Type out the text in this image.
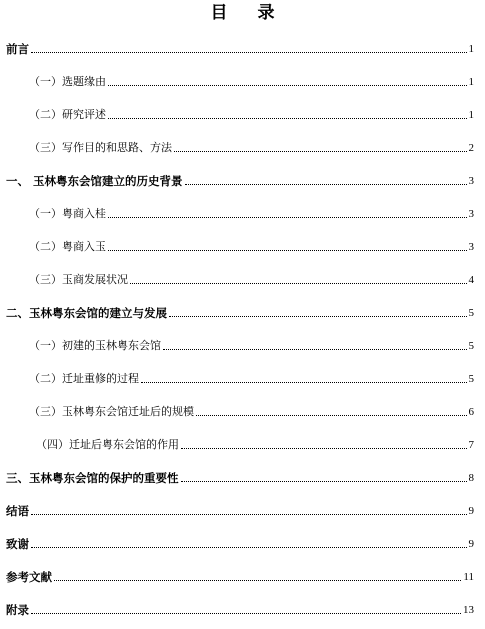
目 录
前言	1
（一）选题缘由	1
（二）研究评述	1
（三）写作目的和思路、方法	2
一、 玉林粤东会馆建立的历史背景	3
（一）粤商入桂	3
（二）粤商入玉	3
（三）玉商发展状况	4
二、玉林粤东会馆的建立与发展	5
（一）初建的玉林粤东会馆	5
（二）迁址重修的过程	5
（三）玉林粤东会馆迁址后的规模	6
（四）迁址后粤东会馆的作用	7
三、玉林粤东会馆的保护的重要性	8
结语	9
致谢	9
参考文献	11
附录	13
